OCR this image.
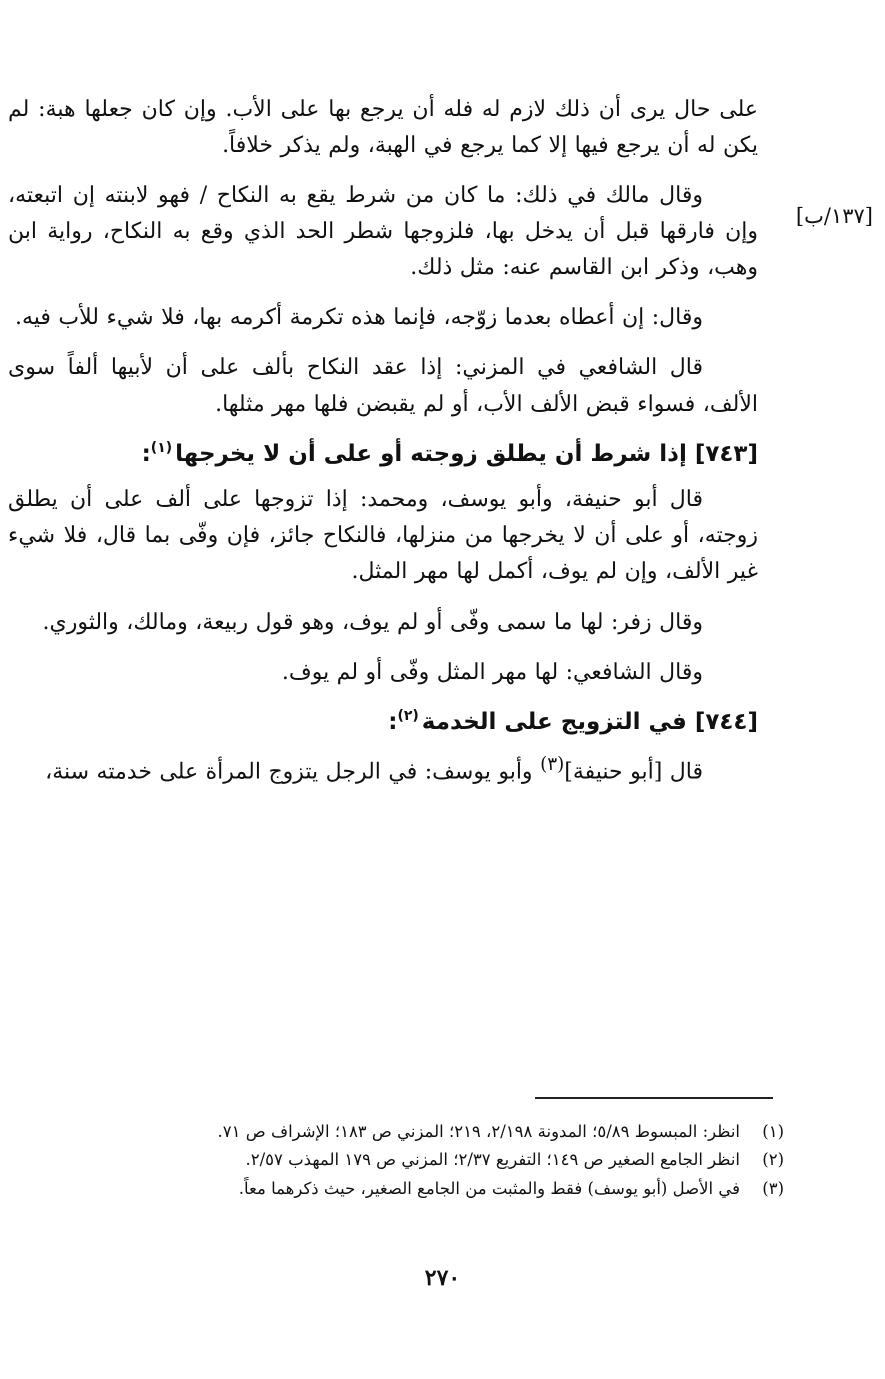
[١٣٧/ب]

على حال يرى أن ذلك لازم له فله أن يرجع بها على الأب. وإن كان جعلها هبة: لم يكن له أن يرجع فيها إلا كما يرجع في الهبة، ولم يذكر خلافاً.

وقال مالك في ذلك: ما كان من شرط يقع به النكاح / فهو لابنته إن اتبعته، وإن فارقها قبل أن يدخل بها، فلزوجها شطر الحد الذي وقع به النكاح، رواية ابن وهب، وذكر ابن القاسم عنه: مثل ذلك.

وقال: إن أعطاه بعدما زوّجه، فإنما هذه تكرمة أكرمه بها، فلا شيء للأب فيه.

قال الشافعي في المزني: إذا عقد النكاح بألف على أن لأبيها ألفاً سوى الألف، فسواء قبض الألف الأب، أو لم يقبضن فلها مهر مثلها.

[٧٤٣] إذا شرط أن يطلق زوجته أو على أن لا يخرجها$^{(١)}$:

قال أبو حنيفة، وأبو يوسف، ومحمد: إذا تزوجها على ألف على أن يطلق زوجته، أو على أن لا يخرجها من منزلها، فالنكاح جائز، فإن وفّى بما قال، فلا شيء غير الألف، وإن لم يوف، أكمل لها مهر المثل.

وقال زفر: لها ما سمى وفّى أو لم يوف، وهو قول ربيعة، ومالك، والثوري.

وقال الشافعي: لها مهر المثل وفّى أو لم يوف.

[٧٤٤] في التزويج على الخدمة$^{(٢)}$:

قال [أبو حنيفة]$^{(٣)}$ وأبو يوسف: في الرجل يتزوج المرأة على خدمته سنة،

(١)
انظر: المبسوط ٥/٨٩؛ المدونة ٢/١٩٨، ٢١٩؛ المزني ص ١٨٣؛ الإشراف ص ٧١.
(٢)
انظر الجامع الصغير ص ١٤٩؛ التفريع ٢/٣٧؛ المزني ص ١٧٩ المهذب ٢/٥٧.
(٣)
في الأصل (أبو يوسف) فقط والمثبت من الجامع الصغير، حيث ذكرهما معاً.
٢٧٠
